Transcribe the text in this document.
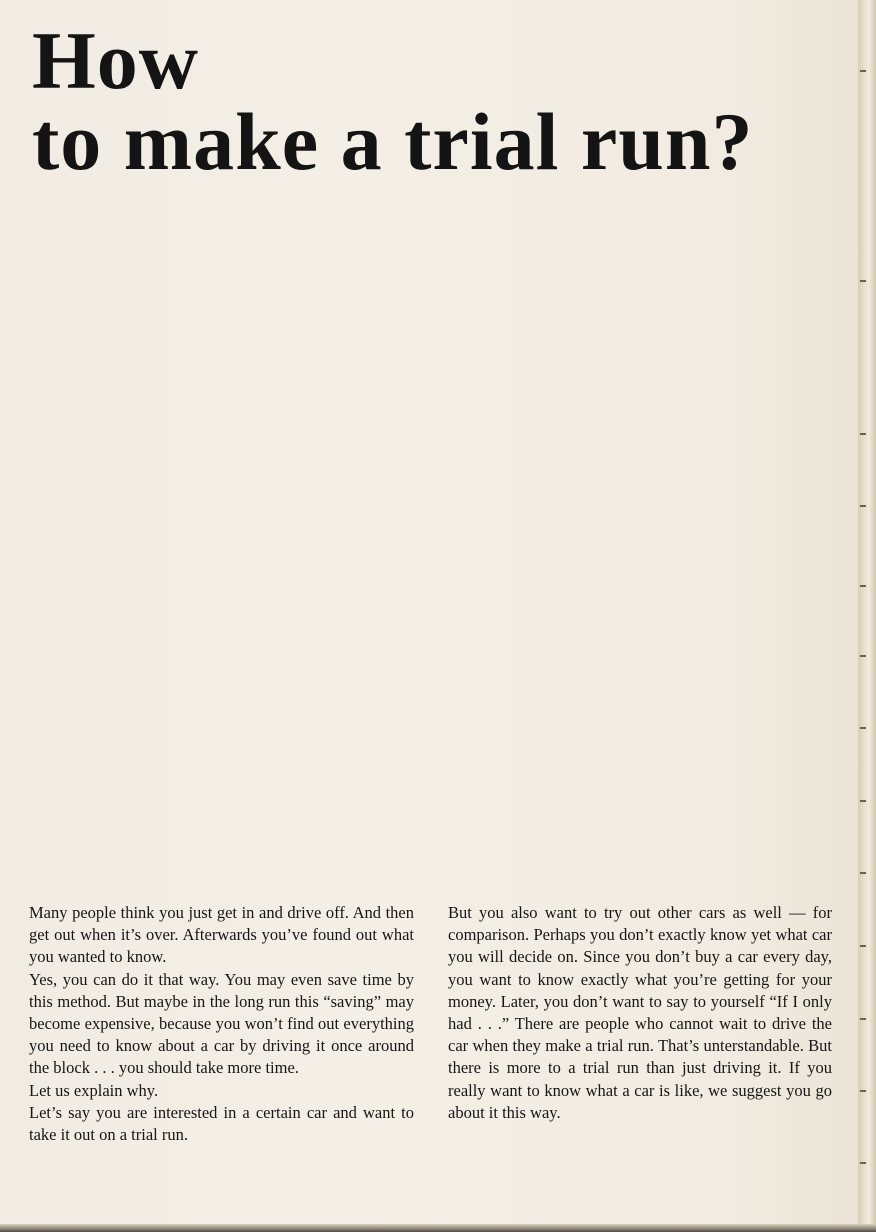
How
to make a trial run?

Many people think you just get in and drive off. And then get out when it’s over. Afterwards you’ve found out what you wanted to know.

Yes, you can do it that way. You may even save time by this method. But maybe in the long run this “saving” may become expensive, because you won’t find out everything you need to know about a car by driving it once around the block . . . you should take more time.

Let us explain why.

Let’s say you are interested in a certain car and want to take it out on a trial run.

But you also want to try out other cars as well — for comparison. Perhaps you don’t exactly know yet what car you will decide on. Since you don’t buy a car every day, you want to know exactly what you’re getting for your money. Later, you don’t want to say to yourself “If I only had . . .” There are people who cannot wait to drive the car when they make a trial run. That’s unterstandable. But there is more to a trial run than just driving it. If you really want to know what a car is like, we suggest you go about it this way.
